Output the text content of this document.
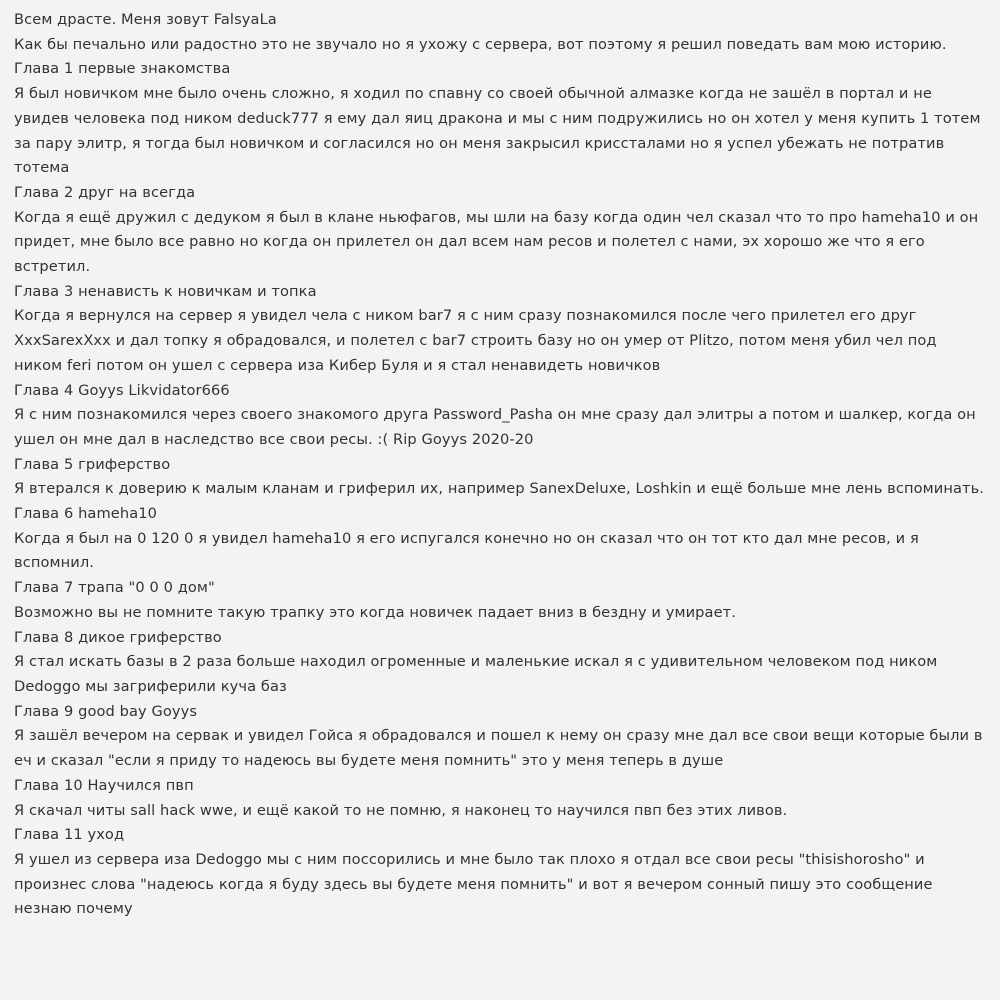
Всем драсте. Меня зовут FalsyaLa

Как бы печально или радостно это не звучало но я ухожу с сервера, вот поэтому я решил поведать вам мою историю.

Глава 1 первые знакомства

Я был новичком мне было очень сложно, я ходил по спавну со своей обычной алмазке когда не зашёл в портал и не увидев человека под ником deduck777 я ему дал яиц дракона и мы с ним подружились но он хотел у меня купить 1 тотем за пару элитр, я тогда был новичком и согласился но он меня закрысил криссталами но я успел убежать не потратив тотема

Глава 2 друг на всегда

Когда я ещё дружил с дедуком я был в клане ньюфагов, мы шли на базу когда один чел сказал что то про hameha10 и он придет, мне было все равно но когда он прилетел он дал всем нам ресов и полетел с нами, эх хорошо же что я его встретил.

Глава 3 ненависть к новичкам и топка

Когда я вернулся на сервер я увидел чела с ником bar7 я с ним сразу познакомился после чего прилетел его друг XxxSarexXxx и дал топку я обрадовался, и полетел с bar7 строить базу но он умер от Plitzo, потом меня убил чел под ником feri потом он ушел с сервера иза Кибер Буля и я стал ненавидеть новичков

Глава 4 Goyys Likvidator666

Я с ним познакомился через своего знакомого друга Password_Pasha он мне сразу дал элитры а потом и шалкер, когда он ушел он мне дал в наследство все свои ресы. :( Rip Goyys 2020-20

Глава 5 гриферство

Я втерался к доверию к малым кланам и гриферил их, например SanexDeluxe, Loshkin и ещё больше мне лень вспоминать.

Глава 6 hameha10

Когда я был на 0 120 0 я увидел hameha10 я его испугался конечно но он сказал что он тот кто дал мне ресов, и я вспомнил.

Глава 7 трапа "0 0 0 дом"

Возможно вы не помните такую трапку это когда новичек падает вниз в бездну и умирает.

Глава 8 дикое гриферство

Я стал искать базы в 2 раза больше находил огроменные и маленькие искал я с удивительном человеком под ником Dedoggo мы загриферили куча баз

Глава 9 good bay Goyys

Я зашёл вечером на сервак и увидел Гойса я обрадовался и пошел к нему он сразу мне дал все свои вещи которые были в еч и сказал "если я приду то надеюсь вы будете меня помнить" это у меня теперь в душе

Глава 10 Научился пвп

Я скачал читы sall hack wwe, и ещё какой то не помню, я наконец то научился пвп без этих ливов.

Глава 11 уход

Я ушел из сервера иза Dedoggo мы с ним поссорились и мне было так плохо я отдал все свои ресы "thisishorosho" и произнес слова "надеюсь когда я буду здесь вы будете меня помнить" и вот я вечером сонный пишу это сообщение незнаю почему
